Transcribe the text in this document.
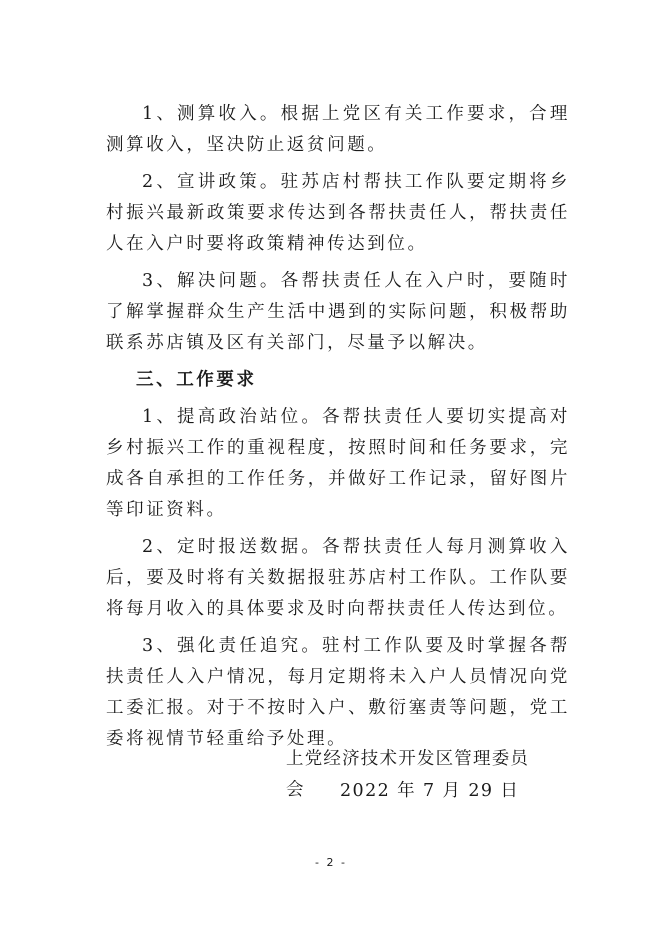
1、测算收入。根据上党区有关工作要求，合理测算收入，坚决防止返贫问题。

2、宣讲政策。驻苏店村帮扶工作队要定期将乡村振兴最新政策要求传达到各帮扶责任人，帮扶责任人在入户时要将政策精神传达到位。

3、解决问题。各帮扶责任人在入户时，要随时了解掌握群众生产生活中遇到的实际问题，积极帮助联系苏店镇及区有关部门，尽量予以解决。

三、工作要求

1、提高政治站位。各帮扶责任人要切实提高对乡村振兴工作的重视程度，按照时间和任务要求，完成各自承担的工作任务，并做好工作记录，留好图片等印证资料。

2、定时报送数据。各帮扶责任人每月测算收入后，要及时将有关数据报驻苏店村工作队。工作队要将每月收入的具体要求及时向帮扶责任人传达到位。

3、强化责任追究。驻村工作队要及时掌握各帮扶责任人入户情况，每月定期将未入户人员情况向党工委汇报。对于不按时入户、敷衍塞责等问题，党工委将视情节轻重给予处理。

上党经济技术开发区管理委员会	2022 年 7 月 29 日
- 2 -
